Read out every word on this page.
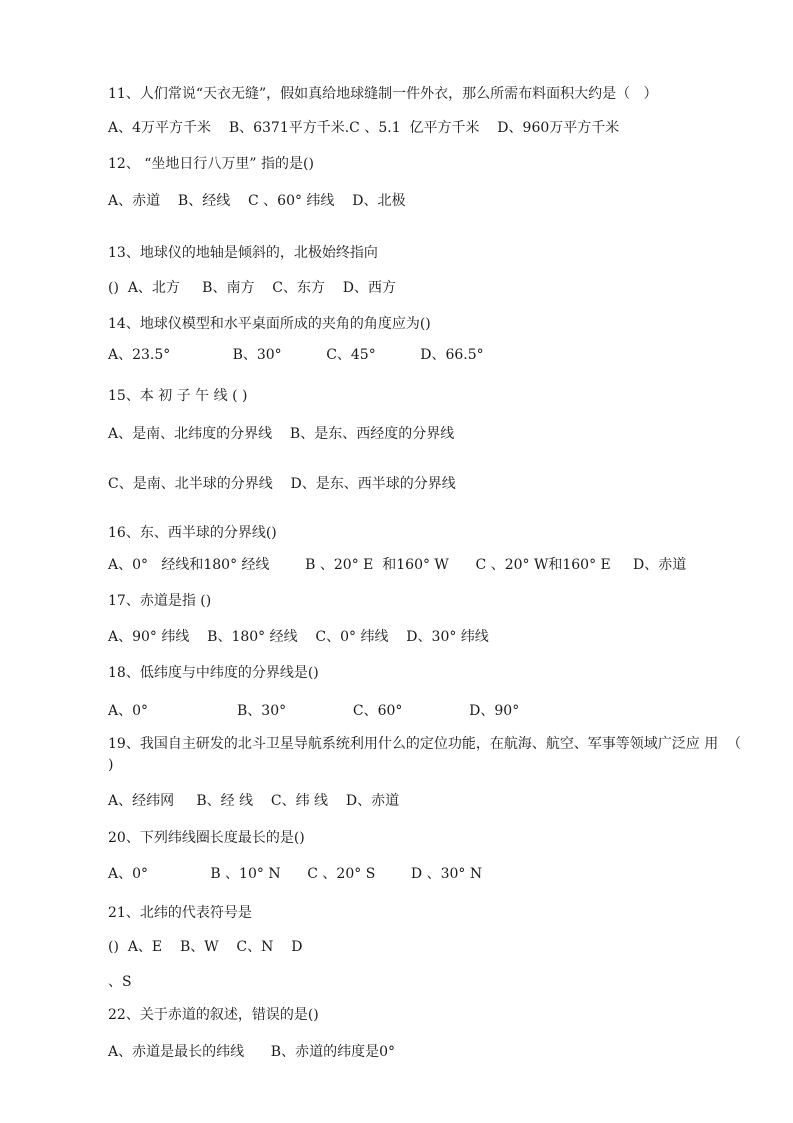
11、人们常说“天衣无缝”，假如真给地球缝制一件外衣，那么所需布料面积大约是（   ）
A、4万平方千米    B、6371平方千米.C 、5.1  亿平方千米    D、960万平方千米
12、 “坐地日行八万里” 指的是()
A、赤道    B、经线    C 、60° 纬线    D、北极
13、地球仪的地轴是倾斜的，北极始终指向
()  A、北方     B、南方    C、东方    D、西方
14、地球仪模型和水平桌面所成的夹角的角度应为()
A、23.5°              B、30°          C、45°          D、66.5°
15、本 初 子 午 线 ( )
A、是南、北纬度的分界线    B、是东、西经度的分界线
C、是南、北半球的分界线    D、是东、西半球的分界线
16、东、西半球的分界线()
A、0°   经线和180° 经线        B 、20° E  和160° W      C 、20° W和160° E     D、赤道
17、赤道是指 ()
A、90° 纬线    B、180° 经线    C、0° 纬线    D、30° 纬线
18、低纬度与中纬度的分界线是()
A、0°                    B、30°               C、60°               D、90°
19、我国自主研发的北斗卫星导航系统利用什么的定位功能，在航海、航空、军事等领域广泛应 用  （
)
A、经纬网     B、经 线    C、纬 线    D、赤道
20、下列纬线圈长度最长的是()
A、0°              B 、10° N      C 、20° S        D 、30° N
21、北纬的代表符号是
()  A、E    B、W    C、N    D
、S
22、关于赤道的叙述，错误的是()
A、赤道是最长的纬线      B、赤道的纬度是0°
